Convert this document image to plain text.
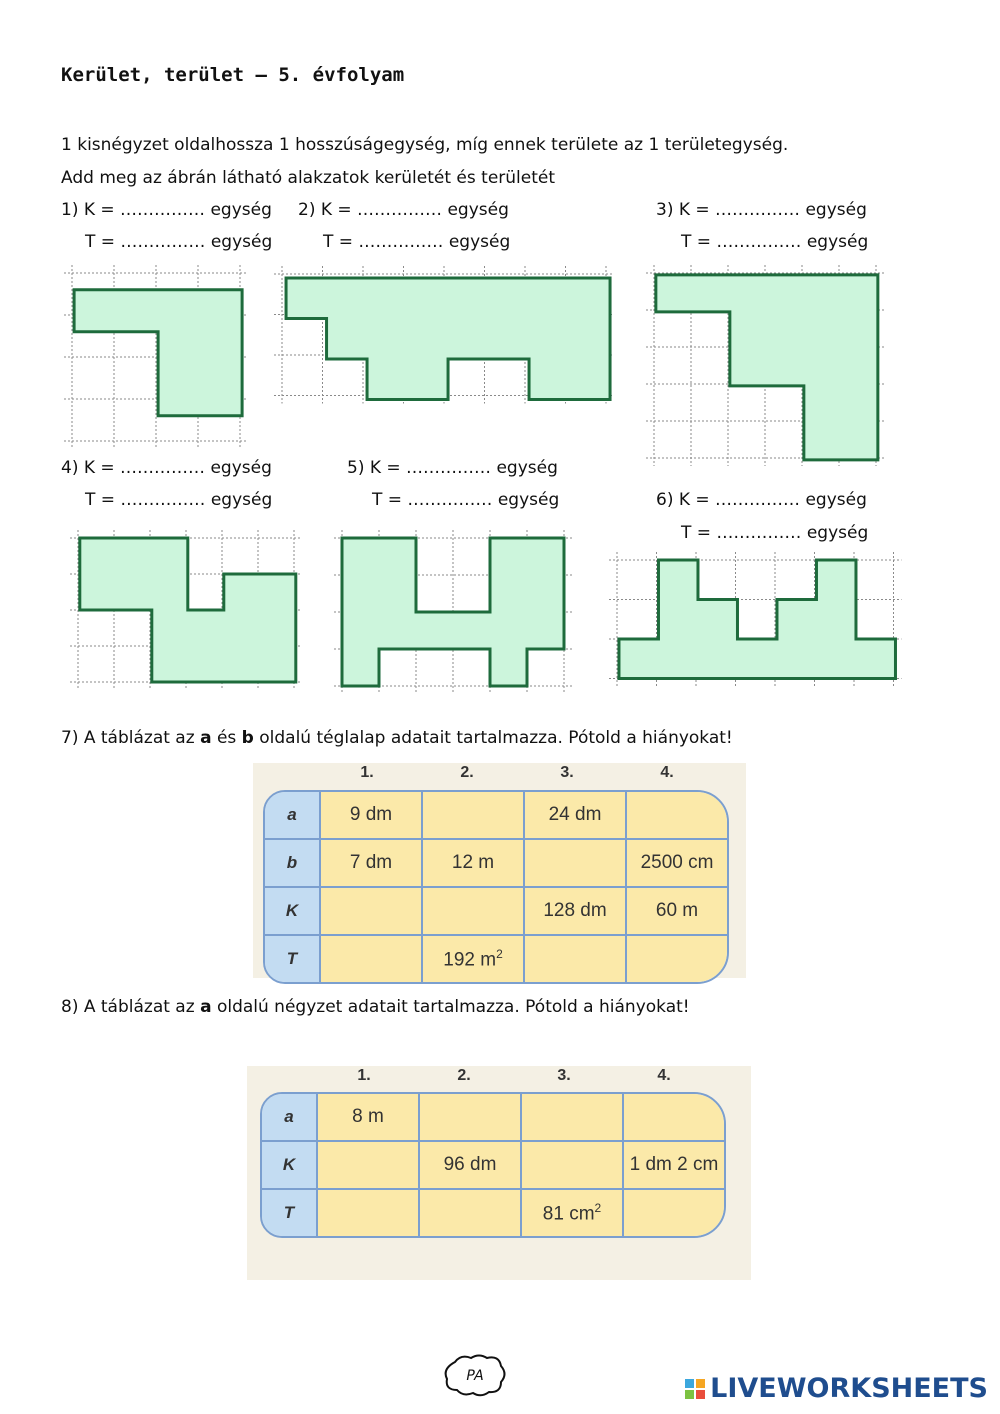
Kerület, terület – 5. évfolyam
1 kisnégyzet oldalhossza 1 hosszúságegység, míg ennek területe az 1 területegység.
Add meg az ábrán látható alakzatok kerületét és területét
1) K = …………… egység
T = …………… egység
2) K = …………… egység
T = …………… egység
3) K = …………… egység
T = …………… egység
4) K = …………… egység
T = …………… egység
5) K = …………… egység
T = …………… egység	6) K = …………… egység
T = …………… egység
7) A táblázat az a és b oldalú téglalap adatait tartalmazza. Pótold a hiányokat!
1.	2.	3.	4.
a	9 dm		24 dm	
b	7 dm	12 m		2500 cm
K			128 dm	60 m
T		192 $m^2$		
8) A táblázat az a oldalú négyzet adatait tartalmazza. Pótold a hiányokat!
1.	2.	3.	4.
a	8 m			
K		96 dm		1 dm 2 cm
T			81 $cm^2$	
PA	LIVEWORKSHEETS
